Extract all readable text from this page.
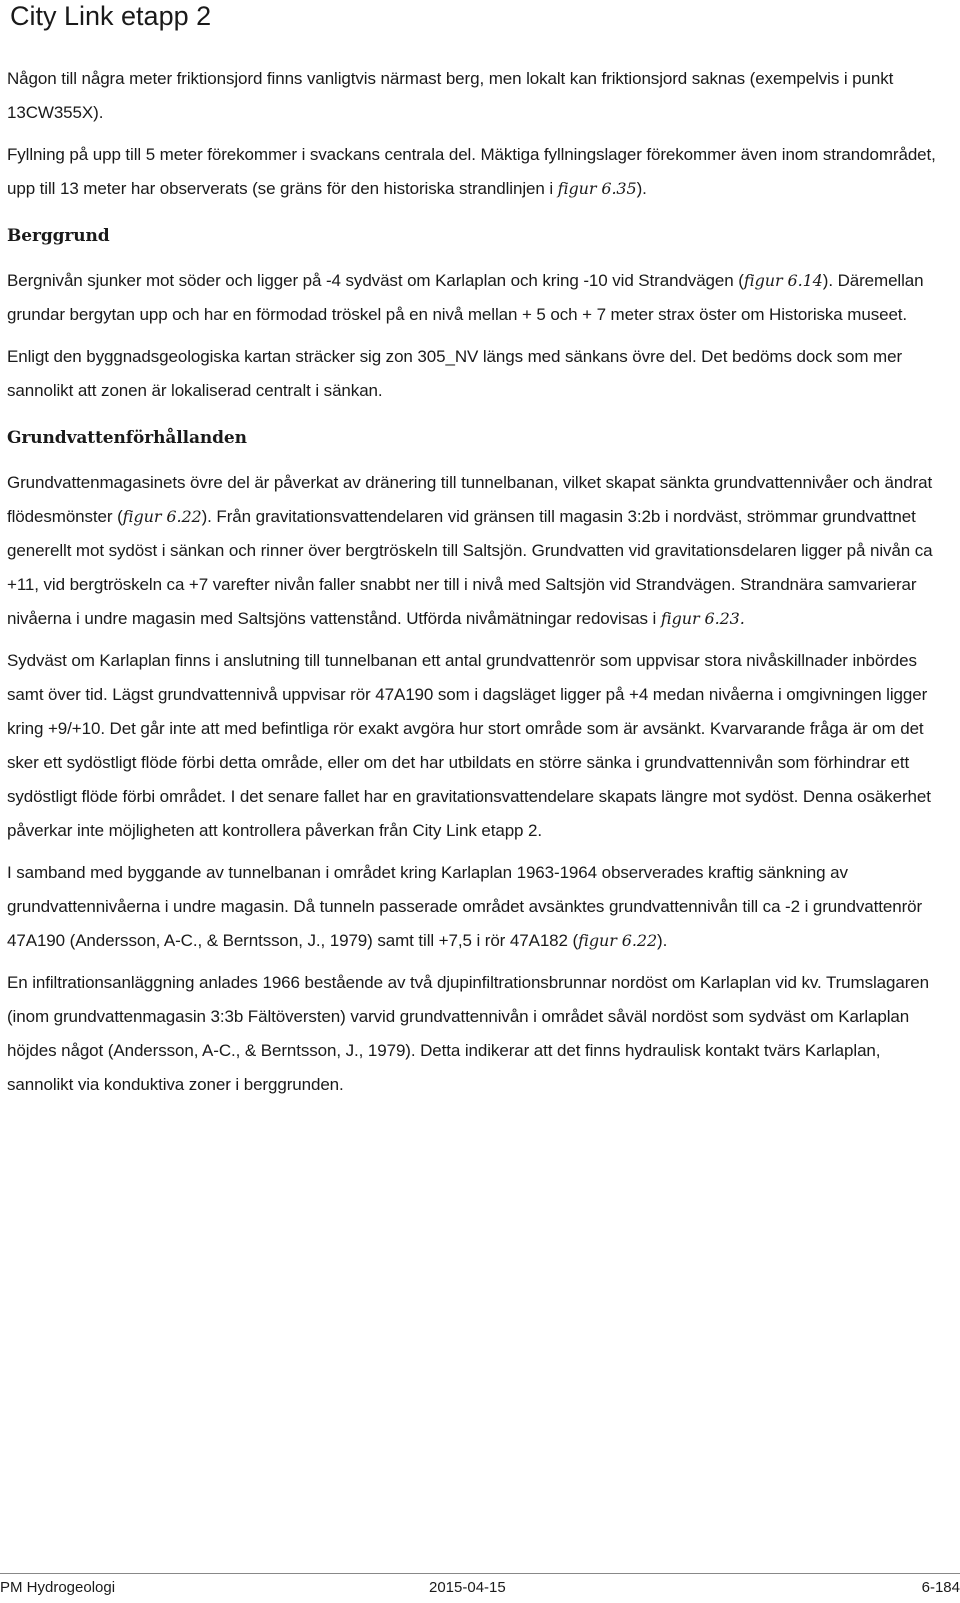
City Link etapp 2

Någon till några meter friktionsjord finns vanligtvis närmast berg, men lokalt kan friktionsjord saknas (exempelvis i punkt 13CW355X).

Fyllning på upp till 5 meter förekommer i svackans centrala del. Mäktiga fyllningslager förekommer även inom strandområdet, upp till 13 meter har observerats (se gräns för den historiska strandlinjen i figur 6.35).

Berggrund

Bergnivån sjunker mot söder och ligger på -4 sydväst om Karlaplan och kring -10 vid Strandvägen (figur 6.14). Däremellan grundar bergytan upp och har en förmodad tröskel på en nivå mellan + 5 och + 7 meter strax öster om Historiska museet.

Enligt den byggnadsgeologiska kartan sträcker sig zon 305_NV längs med sänkans övre del. Det bedöms dock som mer sannolikt att zonen är lokaliserad centralt i sänkan.

Grundvattenförhållanden

Grundvattenmagasinets övre del är påverkat av dränering till tunnelbanan, vilket skapat sänkta grundvattennivåer och ändrat flödesmönster (figur 6.22). Från gravitationsvattendelaren vid gränsen till magasin 3:2b i nordväst, strömmar grundvattnet generellt mot sydöst i sänkan och rinner över bergtröskeln till Saltsjön. Grundvatten vid gravitationsdelaren ligger på nivån ca +11, vid bergtröskeln ca +7 varefter nivån faller snabbt ner till i nivå med Saltsjön vid Strandvägen. Strandnära samvarierar nivåerna i undre magasin med Saltsjöns vattenstånd. Utförda nivåmätningar redovisas i figur 6.23.

Sydväst om Karlaplan finns i anslutning till tunnelbanan ett antal grundvattenrör som uppvisar stora nivåskillnader inbördes samt över tid. Lägst grundvattennivå uppvisar rör 47A190 som i dagsläget ligger på +4 medan nivåerna i omgivningen ligger kring +9/+10. Det går inte att med befintliga rör exakt avgöra hur stort område som är avsänkt. Kvarvarande fråga är om det sker ett sydöstligt flöde förbi detta område, eller om det har utbildats en större sänka i grundvattennivån som förhindrar ett sydöstligt flöde förbi området. I det senare fallet har en gravitationsvattendelare skapats längre mot sydöst. Denna osäkerhet påverkar inte möjligheten att kontrollera påverkan från City Link etapp 2.

I samband med byggande av tunnelbanan i området kring Karlaplan 1963-1964 observerades kraftig sänkning av grundvattennivåerna i undre magasin. Då tunneln passerade området avsänktes grundvattennivån till ca -2 i grundvattenrör 47A190 (Andersson, A-C., & Berntsson, J., 1979) samt till +7,5 i rör 47A182 (figur 6.22).

En infiltrationsanläggning anlades 1966 bestående av två djupinfiltrationsbrunnar nordöst om Karlaplan vid kv. Trumslagaren (inom grundvattenmagasin 3:3b Fältöversten) varvid grundvattennivån i området såväl nordöst som sydväst om Karlaplan höjdes något (Andersson, A-C., & Berntsson, J., 1979). Detta indikerar att det finns hydraulisk kontakt tvärs Karlaplan, sannolikt via konduktiva zoner i berggrunden.

PM Hydrogeologi	2015-04-15	6-184
